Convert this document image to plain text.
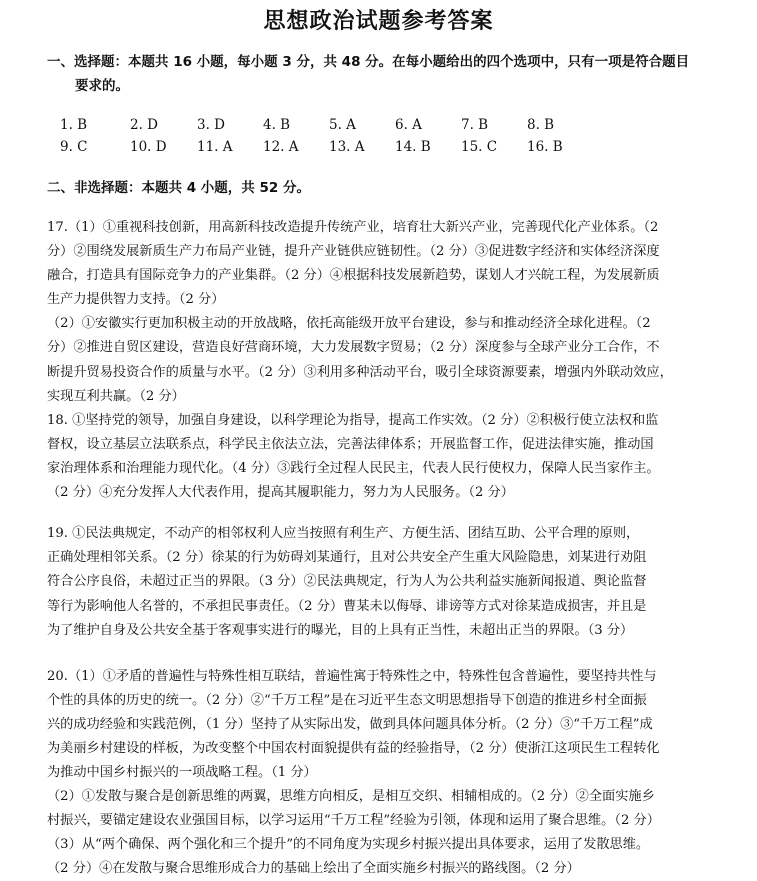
思想政治试题参考答案
一、选择题：本题共 16 小题，每小题 3 分，共 48 分。在每小题给出的四个选项中，只有一项是符合题目
要求的。
1. B	2. D	3. D	4. B	5. A	6. A	7. B	8. B
9. C	10. D 11. A 12. A 13. A 14. B 15. C 16. B
二、非选择题：本题共 4 小题，共 52 分。
17.（1）①重视科技创新，用高新科技改造提升传统产业，培育壮大新兴产业，完善现代化产业体系。（2
分）②围绕发展新质生产力布局产业链，提升产业链供应链韧性。（2 分）③促进数字经济和实体经济深度
融合，打造具有国际竞争力的产业集群。（2 分）④根据科技发展新趋势，谋划人才兴皖工程，为发展新质
生产力提供智力支持。（2 分）
（2）①安徽实行更加积极主动的开放战略，依托高能级开放平台建设，参与和推动经济全球化进程。（2
分）②推进自贸区建设，营造良好营商环境，大力发展数字贸易；（2 分）深度参与全球产业分工合作，不
断提升贸易投资合作的质量与水平。（2 分）③利用多种活动平台，吸引全球资源要素，增强内外联动效应，
实现互利共赢。（2 分）
18. ①坚持党的领导，加强自身建设，以科学理论为指导，提高工作实效。（2 分）②积极行使立法权和监
督权，设立基层立法联系点，科学民主依法立法，完善法律体系；开展监督工作，促进法律实施，推动国
家治理体系和治理能力现代化。（4 分）③践行全过程人民民主，代表人民行使权力，保障人民当家作主。
（2 分）④充分发挥人大代表作用，提高其履职能力，努力为人民服务。（2 分）
19. ①民法典规定，不动产的相邻权利人应当按照有利生产、方便生活、团结互助、公平合理的原则，
正确处理相邻关系。（2 分）徐某的行为妨碍刘某通行，且对公共安全产生重大风险隐患，刘某进行劝阻
符合公序良俗，未超过正当的界限。（3 分）②民法典规定，行为人为公共利益实施新闻报道、舆论监督
等行为影响他人名誉的，不承担民事责任。（2 分）曹某未以侮辱、诽谤等方式对徐某造成损害，并且是
为了维护自身及公共安全基于客观事实进行的曝光，目的上具有正当性，未超出正当的界限。（3 分）
20.（1）①矛盾的普遍性与特殊性相互联结，普遍性寓于特殊性之中，特殊性包含普遍性，要坚持共性与
个性的具体的历史的统一。（2 分）②“千万工程”是在习近平生态文明思想指导下创造的推进乡村全面振
兴的成功经验和实践范例，（1 分）坚持了从实际出发，做到具体问题具体分析。（2 分）③“千万工程”成
为美丽乡村建设的样板，为改变整个中国农村面貌提供有益的经验指导，（2 分）使浙江这项民生工程转化
为推动中国乡村振兴的一项战略工程。（1 分）
（2）①发散与聚合是创新思维的两翼，思维方向相反，是相互交织、相辅相成的。（2 分）②全面实施乡
村振兴，要锚定建设农业强国目标，以学习运用“千万工程”经验为引领，体现和运用了聚合思维。（2 分）
（3）从“两个确保、两个强化和三个提升”的不同角度为实现乡村振兴提出具体要求，运用了发散思维。
（2 分）④在发散与聚合思维形成合力的基础上绘出了全面实施乡村振兴的路线图。（2 分）
